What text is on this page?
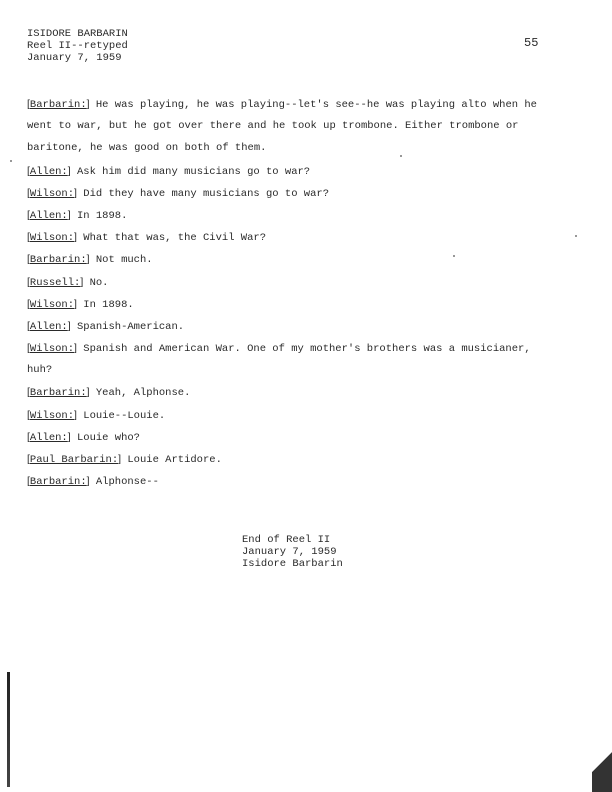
ISIDORE BARBARIN
Reel II--retyped
January 7, 1959
55
[Barbarin:] He was playing, he was playing--let's see--he was playing alto when he
went to war, but he got over there and he took up trombone. Either trombone or
baritone, he was good on both of them.
[Allen:] Ask him did many musicians go to war?
[Wilson:] Did they have many musicians go to war?
[Allen:] In 1898.
[Wilson:] What that was, the Civil War?
[Barbarin:] Not much.
[Russell:] No.
[Wilson:] In 1898.
[Allen:] Spanish-American.
[Wilson:] Spanish and American War. One of my mother's brothers was a musicianer,
huh?
[Barbarin:] Yeah, Alphonse.
[Wilson:] Louie--Louie.
[Allen:] Louie who?
[Paul Barbarin:] Louie Artidore.
[Barbarin:] Alphonse--
End of Reel II
January 7, 1959
Isidore Barbarin
